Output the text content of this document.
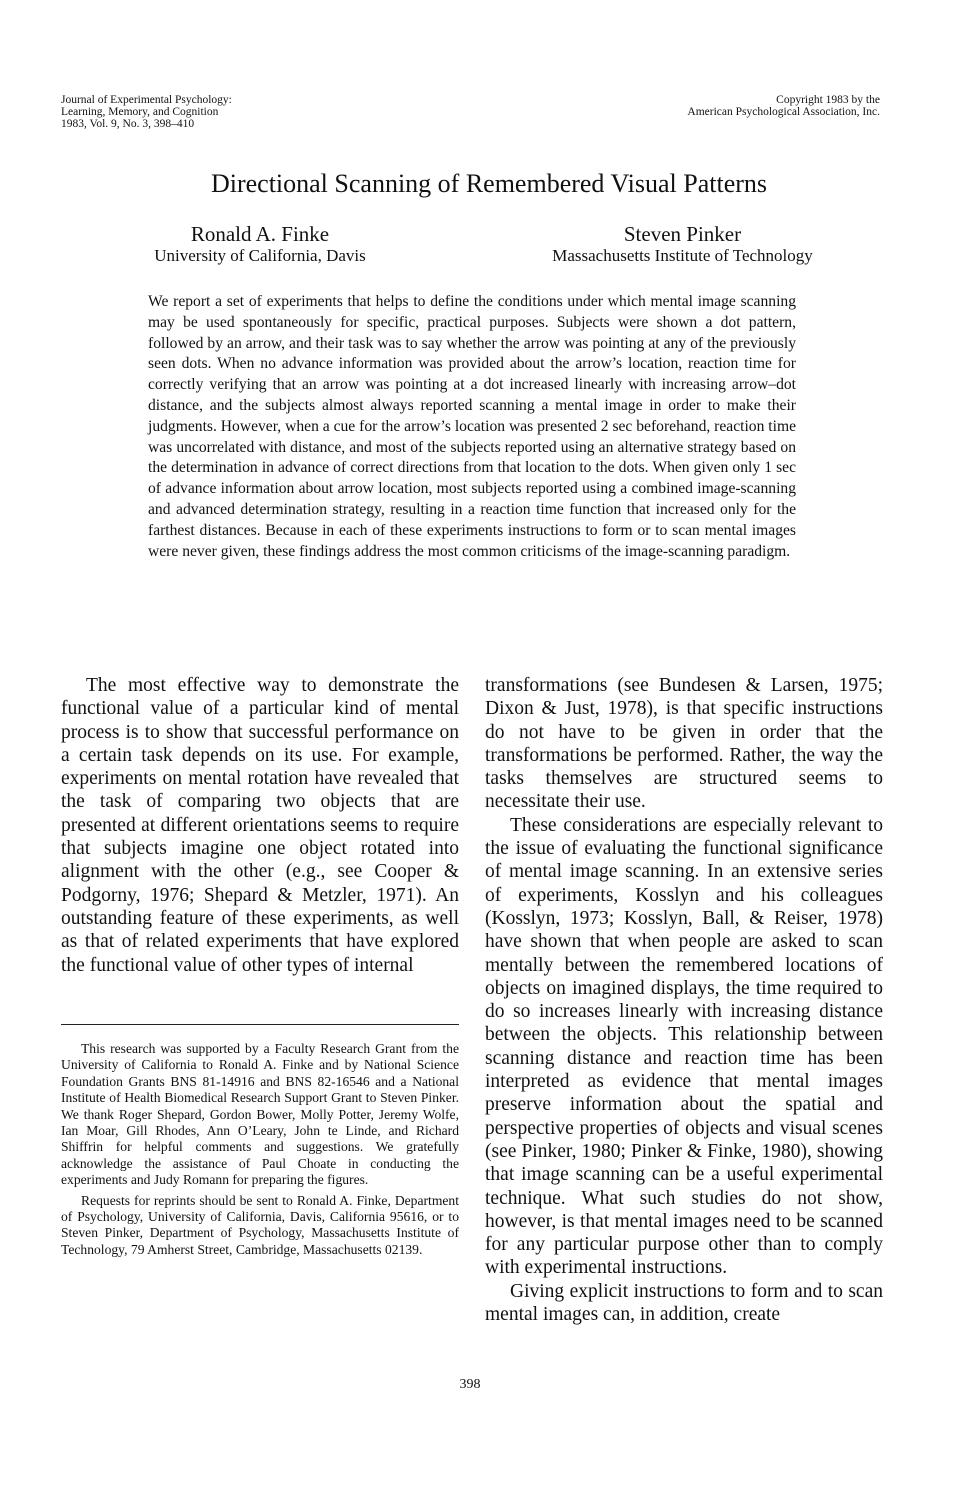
Journal of Experimental Psychology:
Learning, Memory, and Cognition
1983, Vol. 9, No. 3, 398–410
Copyright 1983 by the
American Psychological Association, Inc.
Directional Scanning of Remembered Visual Patterns
Ronald A. Finke
University of California, Davis
Steven Pinker
Massachusetts Institute of Technology

We report a set of experiments that helps to define the conditions under which mental image scanning may be used spontaneously for specific, practical purposes. Subjects were shown a dot pattern, followed by an arrow, and their task was to say whether the arrow was pointing at any of the previously seen dots. When no advance information was provided about the arrow’s location, reaction time for correctly verifying that an arrow was pointing at a dot increased linearly with increasing arrow–dot distance, and the subjects almost always reported scanning a mental image in order to make their judgments. However, when a cue for the arrow’s location was presented 2 sec beforehand, reaction time was uncorrelated with distance, and most of the subjects reported using an alternative strategy based on the determination in advance of correct directions from that location to the dots. When given only 1 sec of advance information about arrow location, most subjects reported using a combined image-scanning and advanced determination strategy, resulting in a reaction time function that increased only for the farthest distances. Because in each of these experiments instructions to form or to scan mental images were never given, these findings address the most common criticisms of the image-scanning paradigm.

The most effective way to demonstrate the functional value of a particular kind of mental process is to show that successful performance on a certain task depends on its use. For example, experiments on mental rotation have revealed that the task of comparing two objects that are presented at different orientations seems to require that subjects imagine one object rotated into alignment with the other (e.g., see Cooper & Podgorny, 1976; Shepard & Metzler, 1971). An outstanding feature of these experiments, as well as that of related experiments that have explored the functional value of other types of internal

This research was supported by a Faculty Research Grant from the University of California to Ronald A. Finke and by National Science Foundation Grants BNS 81-14916 and BNS 82-16546 and a National Institute of Health Biomedical Research Support Grant to Steven Pinker. We thank Roger Shepard, Gordon Bower, Molly Potter, Jeremy Wolfe, Ian Moar, Gill Rhodes, Ann O’Leary, John te Linde, and Richard Shiffrin for helpful comments and suggestions. We gratefully acknowledge the assistance of Paul Choate in conducting the experiments and Judy Romann for preparing the figures.

Requests for reprints should be sent to Ronald A. Finke, Department of Psychology, University of California, Davis, California 95616, or to Steven Pinker, Department of Psychology, Massachusetts Institute of Technology, 79 Amherst Street, Cambridge, Massachusetts 02139.

transformations (see Bundesen & Larsen, 1975; Dixon & Just, 1978), is that specific instructions do not have to be given in order that the transformations be performed. Rather, the way the tasks themselves are structured seems to necessitate their use.

These considerations are especially relevant to the issue of evaluating the functional significance of mental image scanning. In an extensive series of experiments, Kosslyn and his colleagues (Kosslyn, 1973; Kosslyn, Ball, & Reiser, 1978) have shown that when people are asked to scan mentally between the remembered locations of objects on imagined displays, the time required to do so increases linearly with increasing distance between the objects. This relationship between scanning distance and reaction time has been interpreted as evidence that mental images preserve information about the spatial and perspective properties of objects and visual scenes (see Pinker, 1980; Pinker & Finke, 1980), showing that image scanning can be a useful experimental technique. What such studies do not show, however, is that mental images need to be scanned for any particular purpose other than to comply with experimental instructions.

Giving explicit instructions to form and to scan mental images can, in addition, create

398
